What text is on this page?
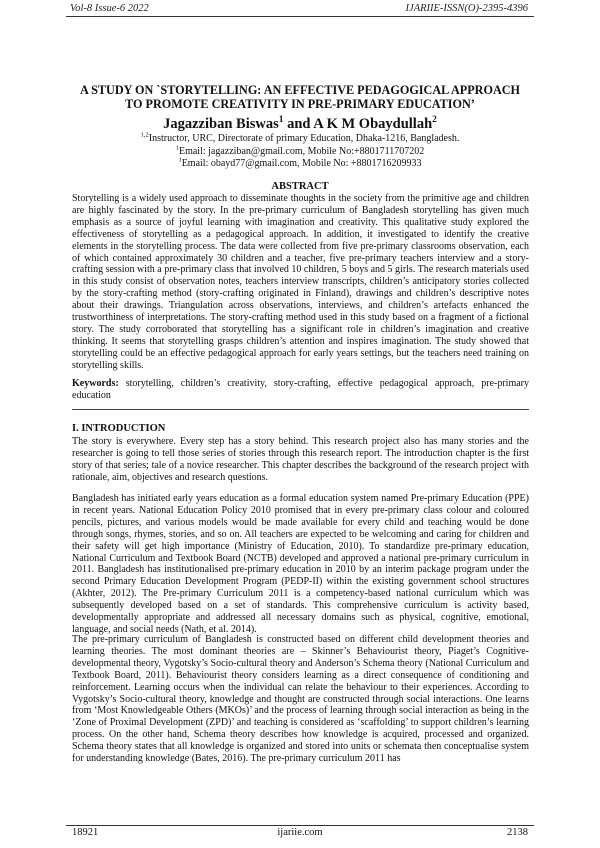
Vol-8 Issue-6 2022	IJARIIE-ISSN(O)-2395-4396
A STUDY ON `STORYTELLING: AN EFFECTIVE PEDAGOGICAL APPROACH
TO PROMOTE CREATIVITY IN PRE-PRIMARY EDUCATION’
Jagazziban Biswas$^1$ and A K M Obaydullah$^2$
$^{1,2}$Instructor, URC, Directorate of primary Education, Dhaka-1216, Bangladesh.
$^1$Email: jagazziban@gmail.com, Mobile No:+8801711707202
$^1$Email: obayd77@gmail.com, Mobile No: +8801716209933
ABSTRACT
Storytelling is a widely used approach to disseminate thoughts in the society from the primitive age and children are highly fascinated by the story. In the pre-primary curriculum of Bangladesh storytelling has given much emphasis as a source of joyful learning with imagination and creativity. This qualitative study explored the effectiveness of storytelling as a pedagogical approach. In addition, it investigated to identify the creative elements in the storytelling process. The data were collected from five pre-primary classrooms observation, each of which contained approximately 30 children and a teacher, five pre-primary teachers interview and a story-crafting session with a pre-primary class that involved 10 children, 5 boys and 5 girls. The research materials used in this study consist of observation notes, teachers interview transcripts, children’s anticipatory stories collected by the story-crafting method (story-crafting originated in Finland), drawings and children’s descriptive notes about their drawings. Triangulation across observations, interviews, and children’s artefacts enhanced the trustworthiness of interpretations. The story-crafting method used in this study based on a fragment of a fictional story. The study corroborated that storytelling has a significant role in children’s imagination and creative thinking. It seems that storytelling grasps children’s attention and inspires imagination. The study showed that storytelling could be an effective pedagogical approach for early years settings, but the teachers need training on storytelling skills.
Keywords: storytelling, children’s creativity, story-crafting, effective pedagogical approach, pre-primary education
I. INTRODUCTION
The story is everywhere. Every step has a story behind. This research project also has many stories and the researcher is going to tell those series of stories through this research report. The introduction chapter is the first story of that series; tale of a novice researcher. This chapter describes the background of the research project with rationale, aim, objectives and research questions.
Bangladesh has initiated early years education as a formal education system named Pre-primary Education (PPE) in recent years. National Education Policy 2010 promised that in every pre-primary class colour and coloured pencils, pictures, and various models would be made available for every child and teaching would be done through songs, rhymes, stories, and so on. All teachers are expected to be welcoming and caring for children and their safety will get high importance (Ministry of Education, 2010). To standardize pre-primary education, National Curriculum and Textbook Board (NCTB) developed and approved a national pre-primary curriculum in 2011. Bangladesh has institutionalised pre-primary education in 2010 by an interim package program under the second Primary Education Development Program (PEDP-II) within the existing government school structures (Akhter, 2012). The Pre-primary Curriculum 2011 is a competency-based national curriculum which was subsequently developed based on a set of standards. This comprehensive curriculum is activity based, developmentally appropriate and addressed all necessary domains such as physical, cognitive, emotional, language, and social needs (Nath, et al. 2014).
The pre-primary curriculum of Bangladesh is constructed based on different child development theories and learning theories. The most dominant theories are – Skinner’s Behaviourist theory, Piaget’s Cognitive-developmental theory, Vygotsky’s Socio-cultural theory and Anderson’s Schema theory (National Curriculum and Textbook Board, 2011). Behaviourist theory considers learning as a direct consequence of conditioning and reinforcement. Learning occurs when the individual can relate the behaviour to their experiences. According to Vygotsky’s Socio-cultural theory, knowledge and thought are constructed through social interactions. One learns from ‘Most Knowledgeable Others (MKOs)’ and the process of learning through social interaction as being in the ‘Zone of Proximal Development (ZPD)’ and teaching is considered as ‘scaffolding’ to support children’s learning process. On the other hand, Schema theory describes how knowledge is acquired, processed and organized. Schema theory states that all knowledge is organized and stored into units or schemata then conceptualise system for understanding knowledge (Bates, 2016). The pre-primary curriculum 2011 has
18921	ijariie.com	2138
